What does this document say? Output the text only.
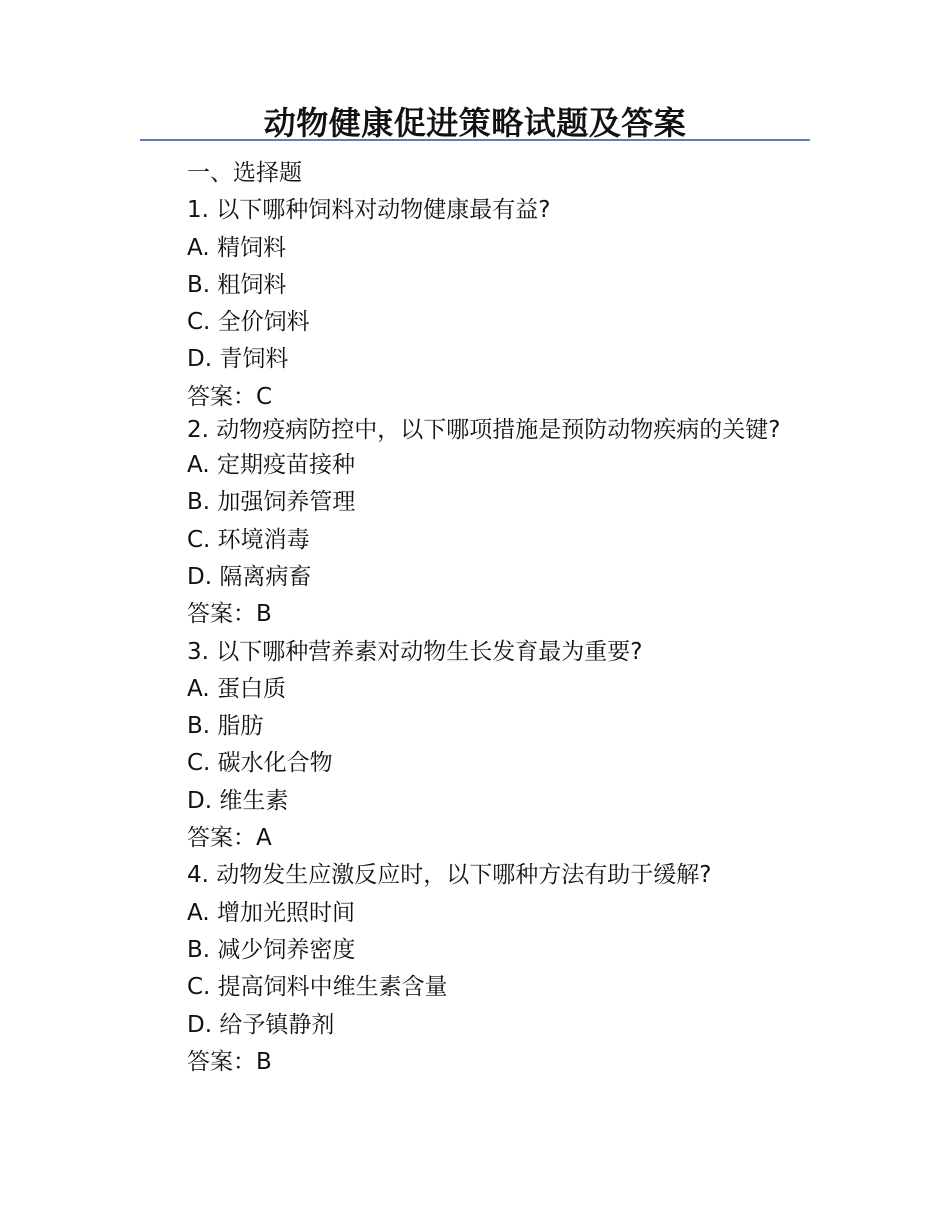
动物健康促进策略试题及答案
一、选择题
1. 以下哪种饲料对动物健康最有益?
A. 精饲料
B. 粗饲料
C. 全价饲料
D. 青饲料
答案：C
2. 动物疫病防控中，以下哪项措施是预防动物疾病的关键?
A. 定期疫苗接种
B. 加强饲养管理
C. 环境消毒
D. 隔离病畜
答案：B
3. 以下哪种营养素对动物生长发育最为重要?
A. 蛋白质
B. 脂肪
C. 碳水化合物
D. 维生素
答案：A
4. 动物发生应激反应时，以下哪种方法有助于缓解?
A. 增加光照时间
B. 减少饲养密度
C. 提高饲料中维生素含量
D. 给予镇静剂
答案：B
